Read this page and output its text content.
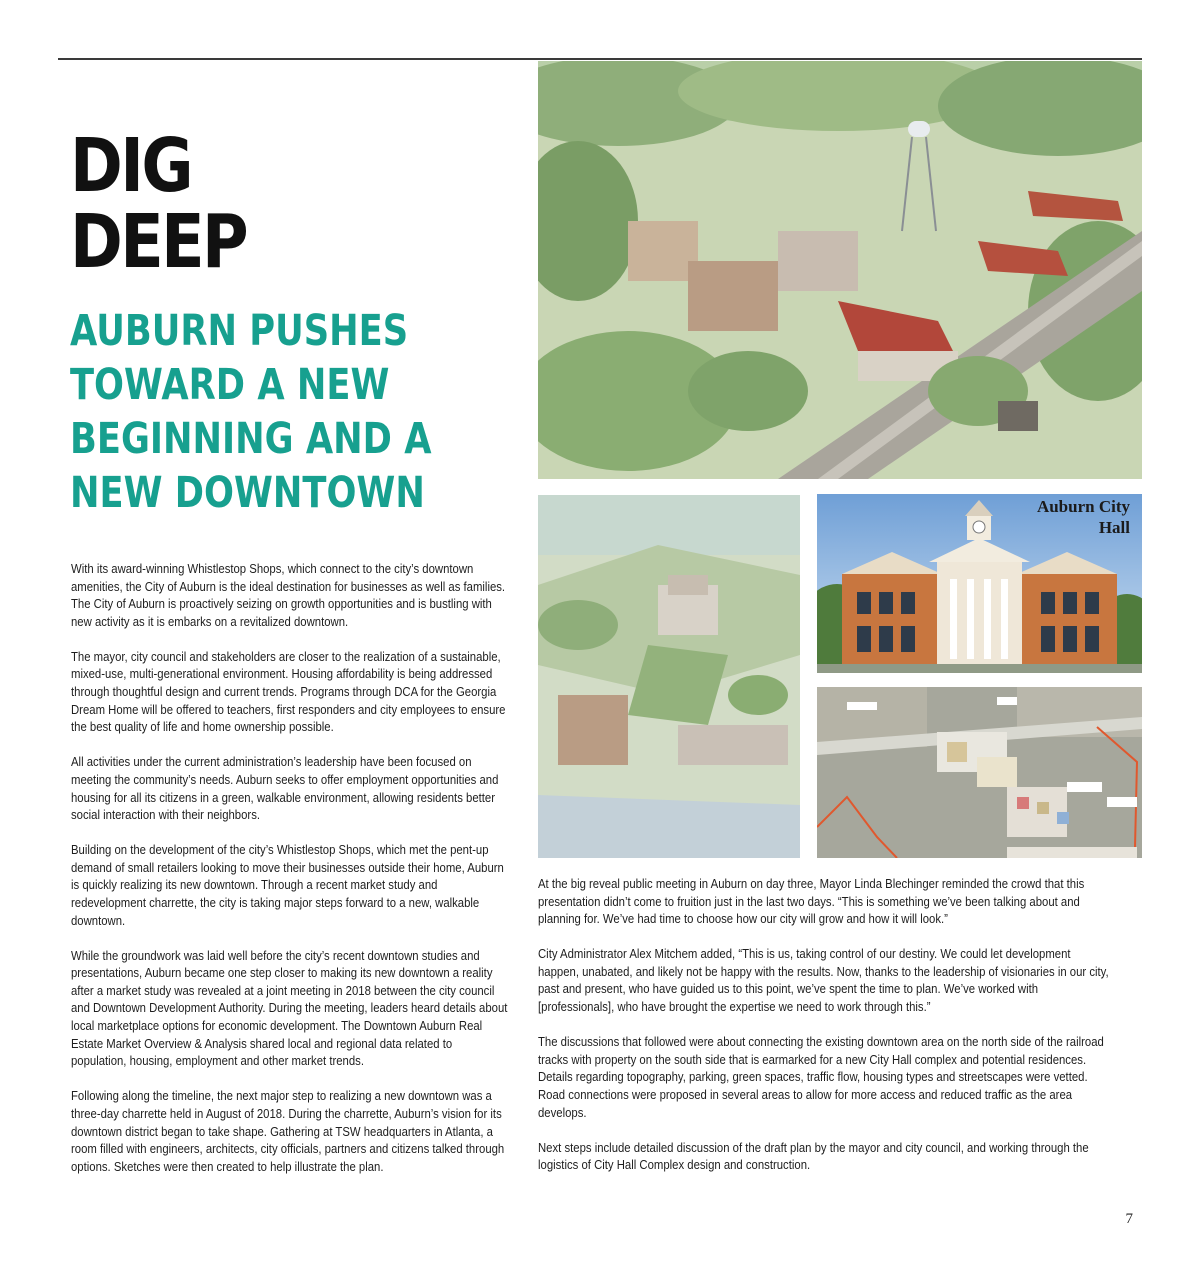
DIG
DEEP
AUBURN PUSHES
TOWARD A NEW
BEGINNING AND A
NEW DOWNTOWN

With its award-winning Whistlestop Shops, which connect to the city’s downtown amenities, the City of Auburn is the ideal destination for businesses as well as families. The City of Auburn is proactively seizing on growth opportunities and is bustling with new activity as it is embarks on a revitalized downtown.

The mayor, city council and stakeholders are closer to the realization of a sustainable, mixed-use, multi-generational environment. Housing affordability is being addressed through thoughtful design and current trends. Programs through DCA for the Georgia Dream Home will be offered to teachers, first responders and city employees to ensure the best quality of life and home ownership possible.

All activities under the current administration’s leadership have been focused on meeting the community’s needs. Auburn seeks to offer employment opportunities and housing for all its citizens in a green, walkable environment, allowing residents better social interaction with their neighbors.

Building on the development of the city’s Whistlestop Shops, which met the pent-up demand of small retailers looking to move their businesses outside their home, Auburn is quickly realizing its new downtown. Through a recent market study and redevelopment charrette, the city is taking major steps forward to a new, walkable downtown.

While the groundwork was laid well before the city’s recent downtown studies and presentations, Auburn became one step closer to making its new downtown a reality after a market study was revealed at a joint meeting in 2018 between the city council and Downtown Development Authority. During the meeting, leaders heard details about local marketplace options for economic development. The Downtown Auburn Real Estate Market Overview & Analysis shared local and regional data related to population, housing, employment and other market trends.

Following along the timeline, the next major step to realizing a new downtown was a three-day charrette held in August of 2018. During the charrette, Auburn’s vision for its downtown district began to take shape. Gathering at TSW headquarters in Atlanta, a room filled with engineers, architects, city officials, partners and citizens talked through options. Sketches were then created to help illustrate the plan.

Auburn City
Hall

At the big reveal public meeting in Auburn on day three, Mayor Linda Blechinger reminded the crowd that this presentation didn’t come to fruition just in the last two days. “This is something we’ve been talking about and planning for. We’ve had time to choose how our city will grow and how it will look.”

City Administrator Alex Mitchem added, “This is us, taking control of our destiny. We could let development happen, unabated, and likely not be happy with the results. Now, thanks to the leadership of visionaries in our city, past and present, who have guided us to this point, we’ve spent the time to plan. We’ve worked with [professionals], who have brought the expertise we need to work through this.”

The discussions that followed were about connecting the existing downtown area on the north side of the railroad tracks with property on the south side that is earmarked for a new City Hall complex and potential residences. Details regarding topography, parking, green spaces, traffic flow, housing types and streetscapes were vetted. Road connections were proposed in several areas to allow for more access and reduced traffic as the area develops.

Next steps include detailed discussion of the draft plan by the mayor and city council, and working through the logistics of City Hall Complex design and construction.

7
